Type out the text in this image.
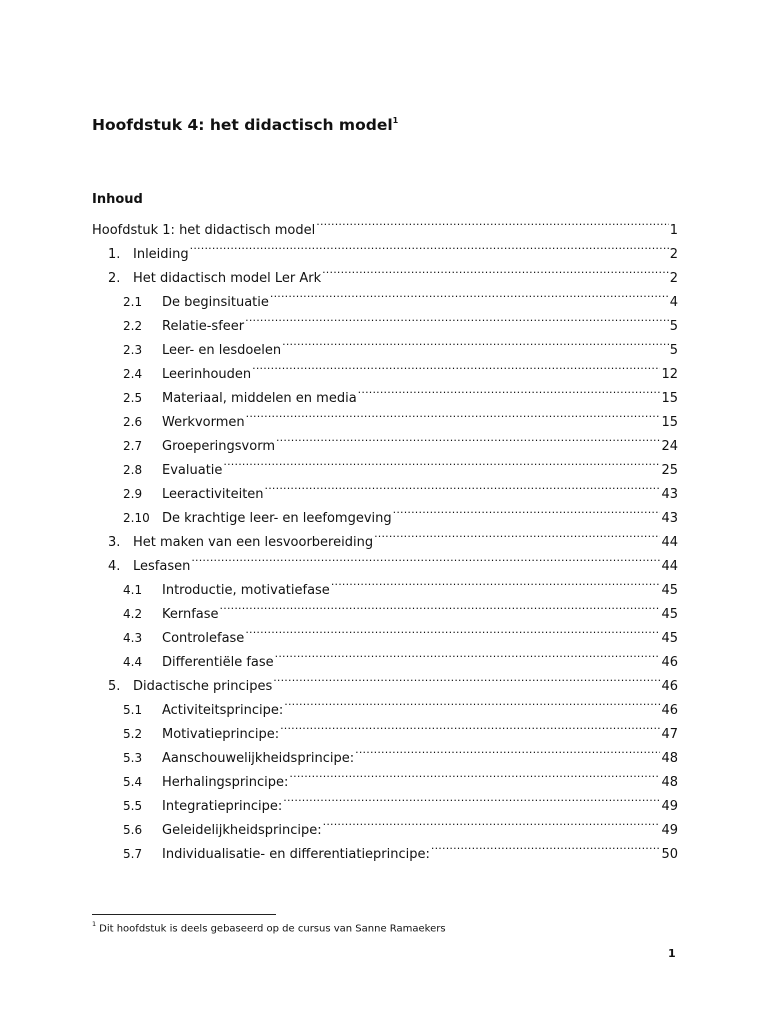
Hoofdstuk 4: het didactisch model$^1$
Inhoud
Hoofdstuk 1: het didactisch model .....	1
1. Inleiding .....	2
2. Het didactisch model Ler Ark .....	2
2.1	De beginsituatie .....	4
2.2	Relatie-sfeer .....	5
2.3	Leer- en lesdoelen .....	5
2.4	Leerinhouden .....	12
2.5	Materiaal, middelen en media .....	15
2.6	Werkvormen .....	15
2.7	Groeperingsvorm .....	24
2.8	Evaluatie .....	25
2.9	Leeractiviteiten .....	43
2.10 De krachtige leer- en leefomgeving .....	43
3. Het maken van een lesvoorbereiding .....	44
4. Lesfasen .....	44
4.1	Introductie, motivatiefase .....	45
4.2	Kernfase .....	45
4.3	Controlefase .....	45
4.4	Differentiële fase .....	46
5. Didactische principes .....	46
5.1	Activiteitsprincipe: .....	46
5.2	Motivatieprincipe: .....	47
5.3	Aanschouwelijkheidsprincipe: .....	48
5.4	Herhalingsprincipe: .....	48
5.5	Integratieprincipe: .....	49
5.6	Geleidelijkheidsprincipe: .....	49
5.7	Individualisatie- en differentiatieprincipe: .....	50
$^1$ Dit hoofdstuk is deels gebaseerd op de cursus van Sanne Ramaekers
1
